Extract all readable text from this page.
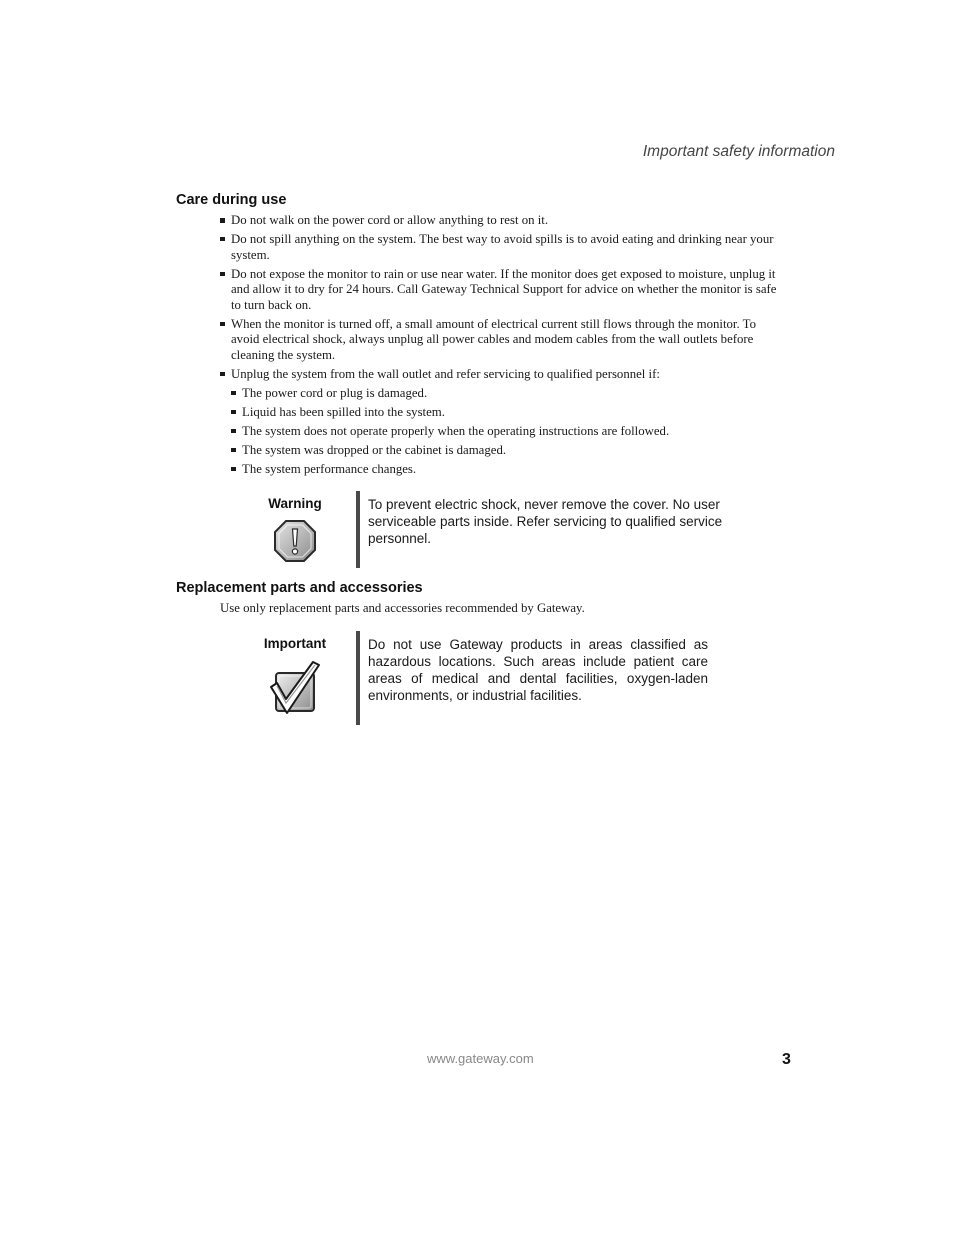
Important safety information
Care during use
Do not walk on the power cord or allow anything to rest on it.
Do not spill anything on the system. The best way to avoid spills is to avoid eating and drinking near your system.
Do not expose the monitor to rain or use near water. If the monitor does get exposed to moisture, unplug it and allow it to dry for 24 hours. Call Gateway Technical Support for advice on whether the monitor is safe to turn back on.
When the monitor is turned off, a small amount of electrical current still flows through the monitor. To avoid electrical shock, always unplug all power cables and modem cables from the wall outlets before cleaning the system.
Unplug the system from the wall outlet and refer servicing to qualified personnel if:
The power cord or plug is damaged.
Liquid has been spilled into the system.
The system does not operate properly when the operating instructions are followed.
The system was dropped or the cabinet is damaged.
The system performance changes.
Warning	To prevent electric shock, never remove the cover. No user serviceable parts inside. Refer servicing to qualified service personnel.

Replacement parts and accessories

Use only replacement parts and accessories recommended by Gateway.

Important	Do not use Gateway products in areas classified as hazardous locations. Such areas include patient care areas of medical and dental facilities, oxygen-laden environments, or industrial facilities.

www.gateway.com	3
